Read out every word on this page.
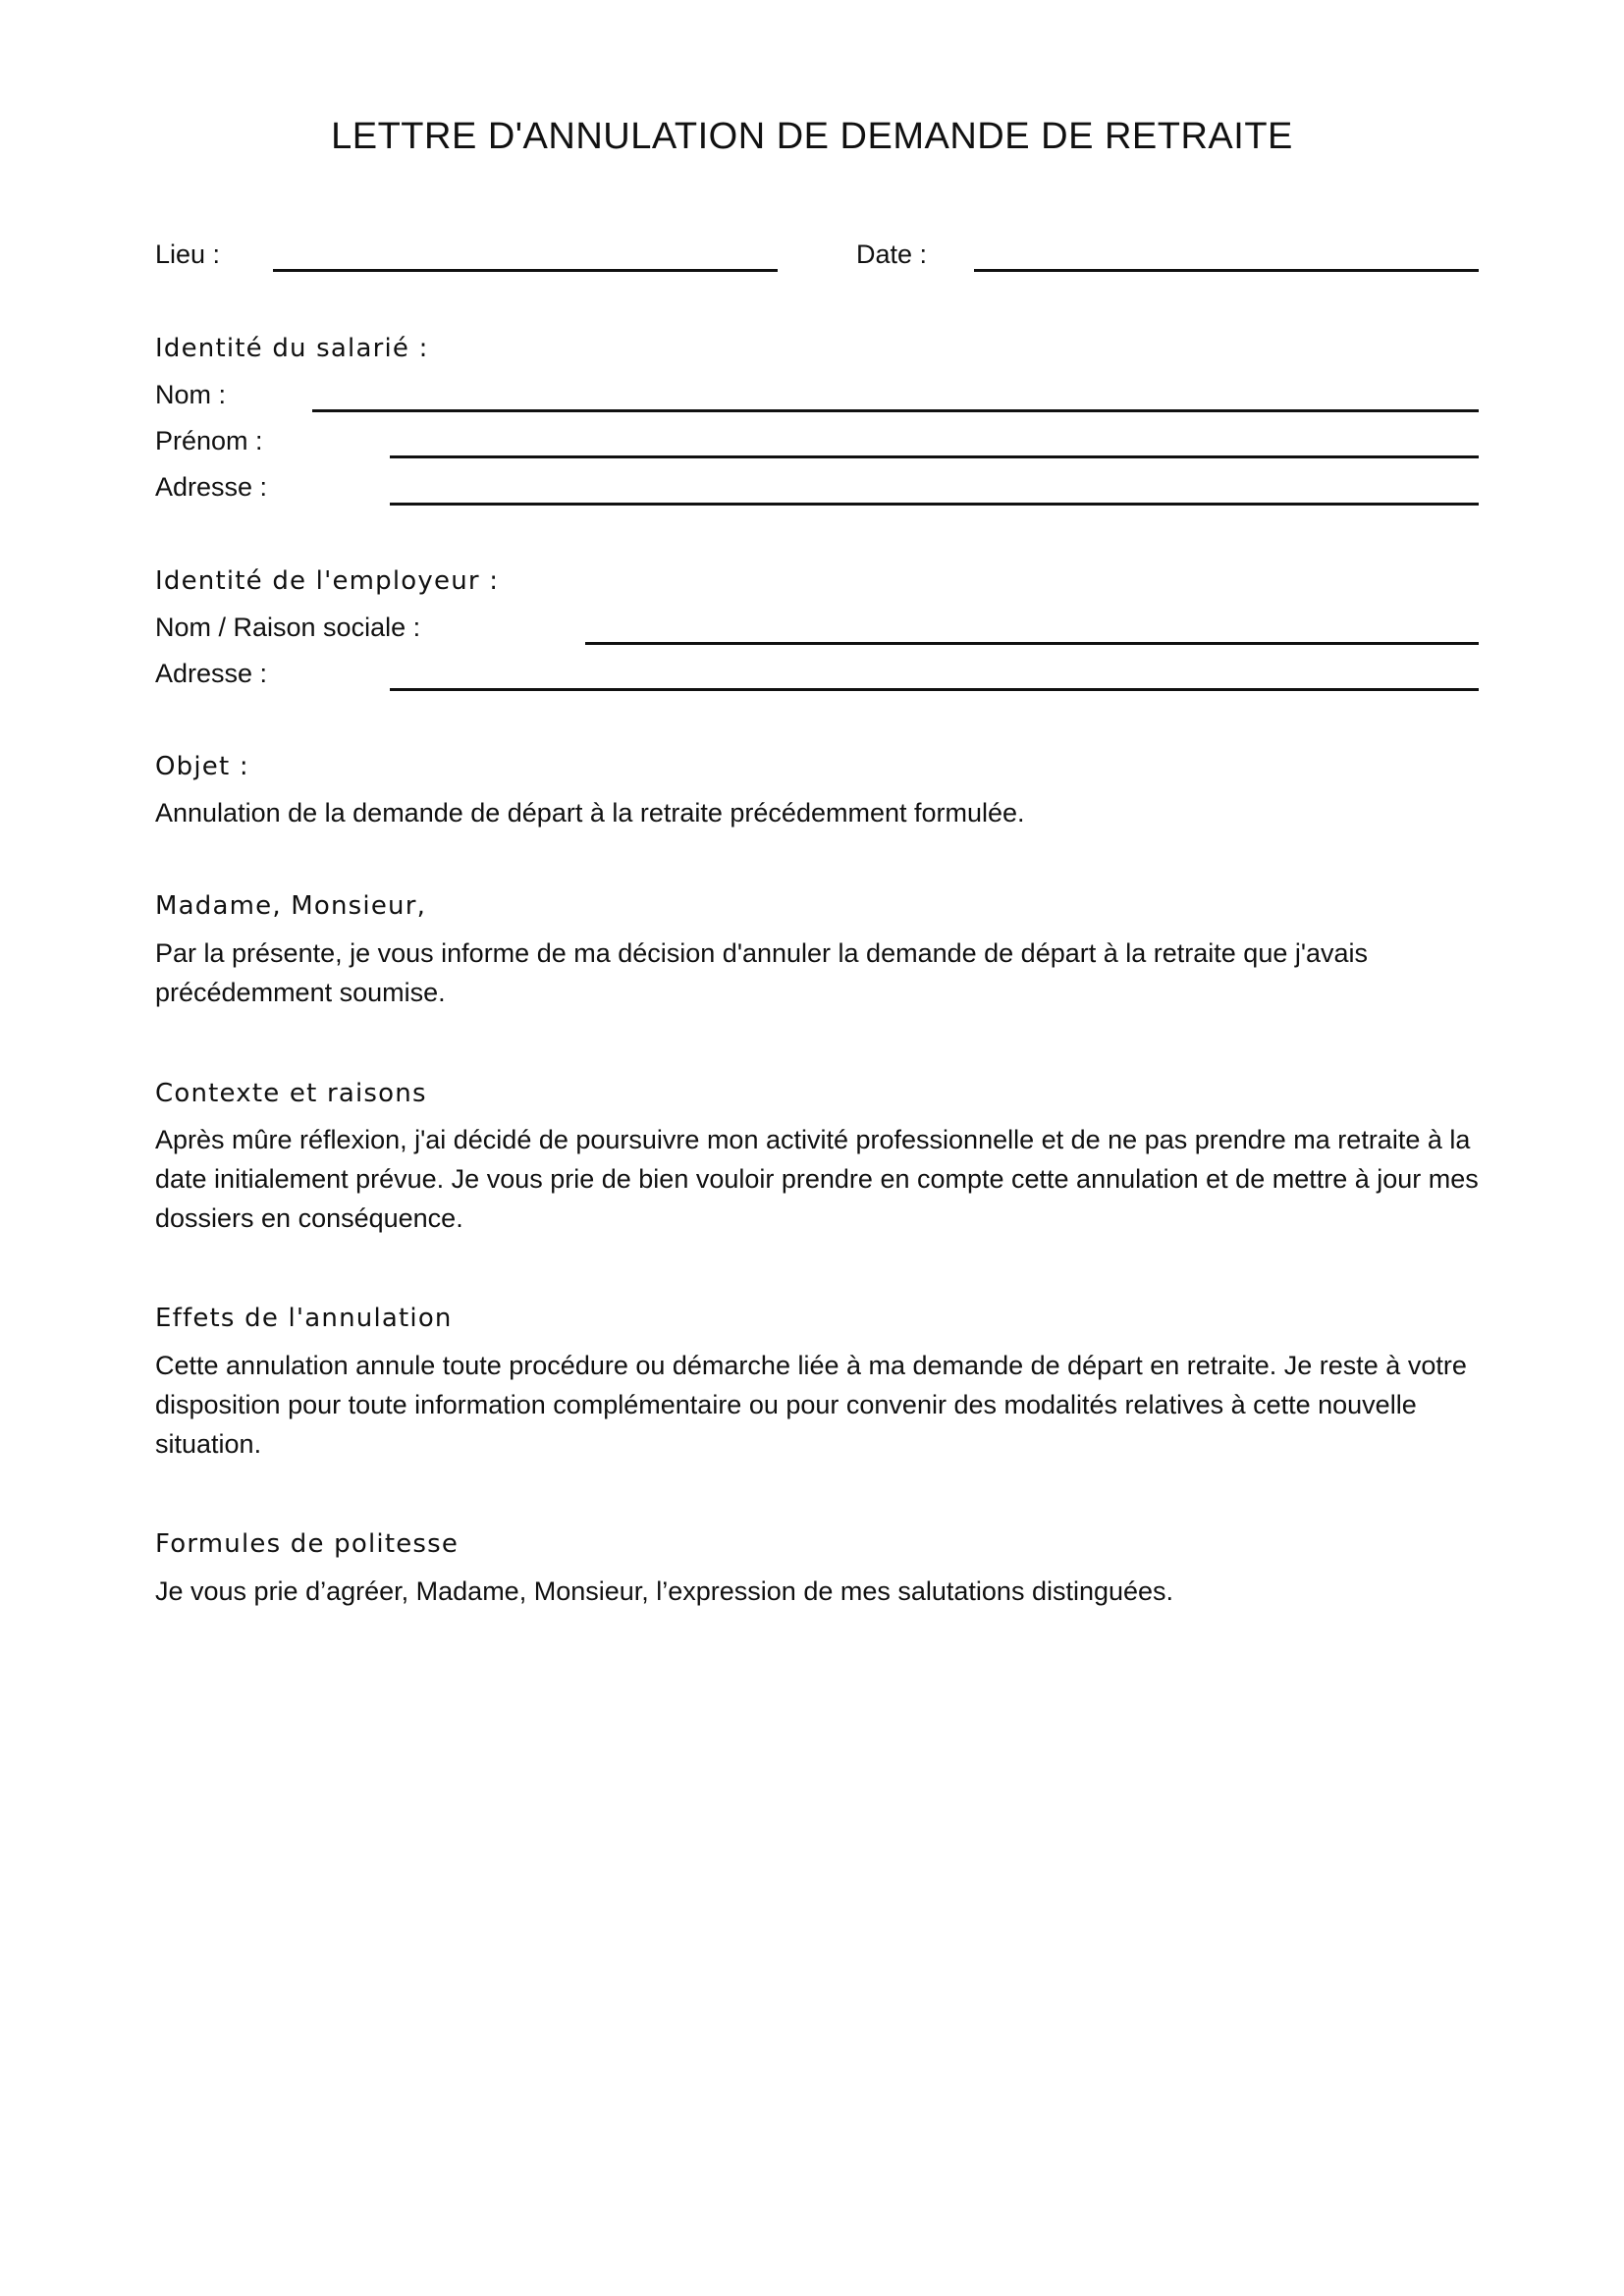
LETTRE D'ANNULATION DE DEMANDE DE RETRAITE
Lieu :	Date :
Identité du salarié :
Nom :
Prénom :
Adresse :
Identité de l'employeur :
Nom / Raison sociale :
Adresse :
Objet :
Annulation de la demande de départ à la retraite précédemment formulée.
Madame, Monsieur,
Par la présente, je vous informe de ma décision d'annuler la demande de départ à la retraite que j'avais précédemment soumise.
Contexte et raisons
Après mûre réflexion, j'ai décidé de poursuivre mon activité professionnelle et de ne pas prendre ma retraite à la date initialement prévue. Je vous prie de bien vouloir prendre en compte cette annulation et de mettre à jour mes dossiers en conséquence.
Effets de l'annulation
Cette annulation annule toute procédure ou démarche liée à ma demande de départ en retraite. Je reste à votre disposition pour toute information complémentaire ou pour convenir des modalités relatives à cette nouvelle situation.
Formules de politesse
Je vous prie d’agréer, Madame, Monsieur, l’expression de mes salutations distinguées.
